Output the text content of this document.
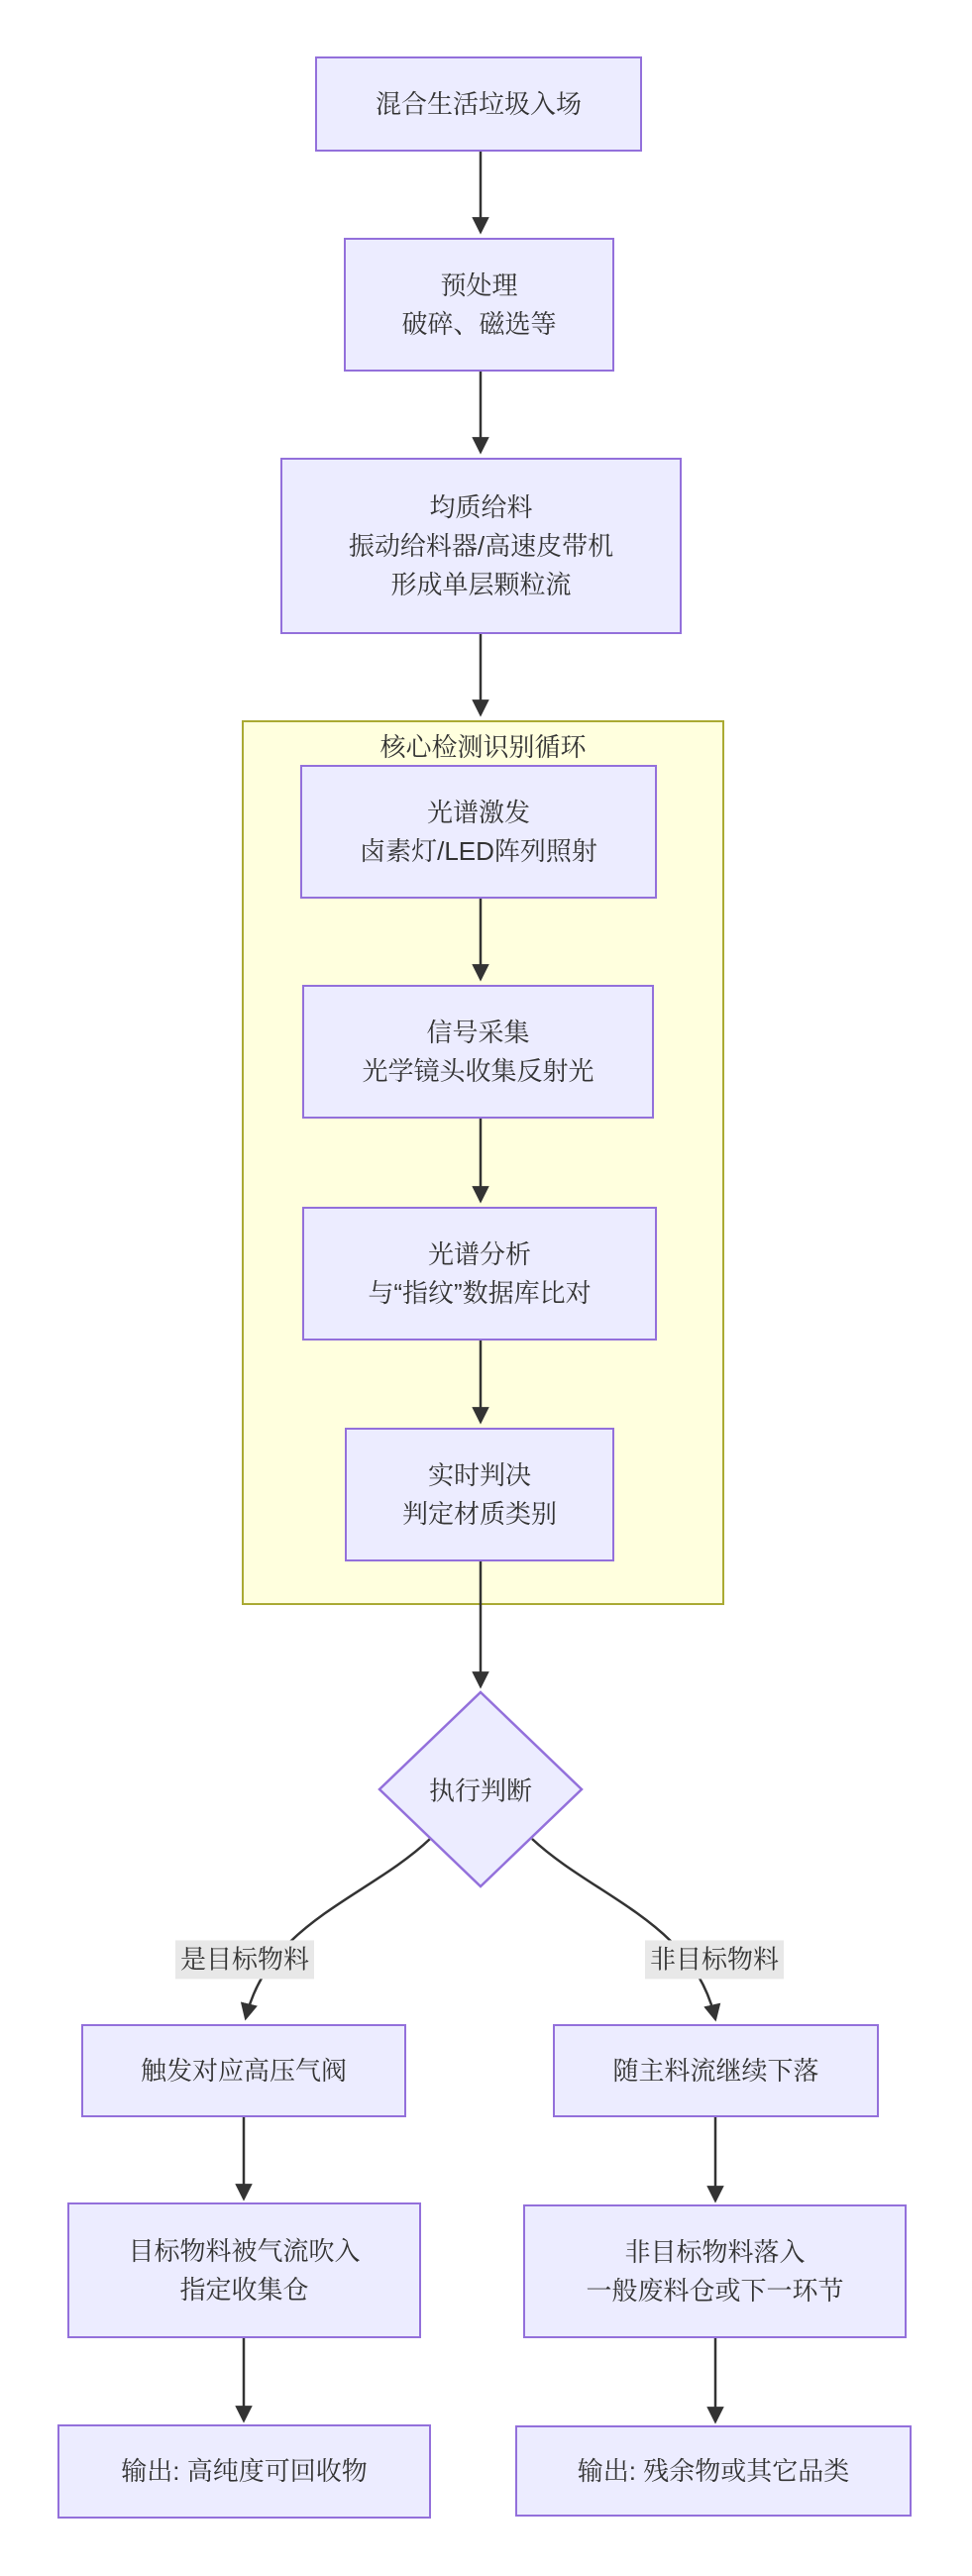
核心检测识别循环
混合生活垃圾入场
预处理
破碎、磁选等
均质给料
振动给料器/高速皮带机
形成单层颗粒流
光谱激发
卤素灯/LED阵列照射
信号采集
光学镜头收集反射光
光谱分析
与“指纹”数据库比对
实时判决
判定材质类别
执行判断
是目标物料	非目标物料
触发对应高压气阀
目标物料被气流吹入
指定收集仓
输出: 高纯度可回收物
随主料流继续下落
非目标物料落入
一般废料仓或下一环节
输出: 残余物或其它品类
